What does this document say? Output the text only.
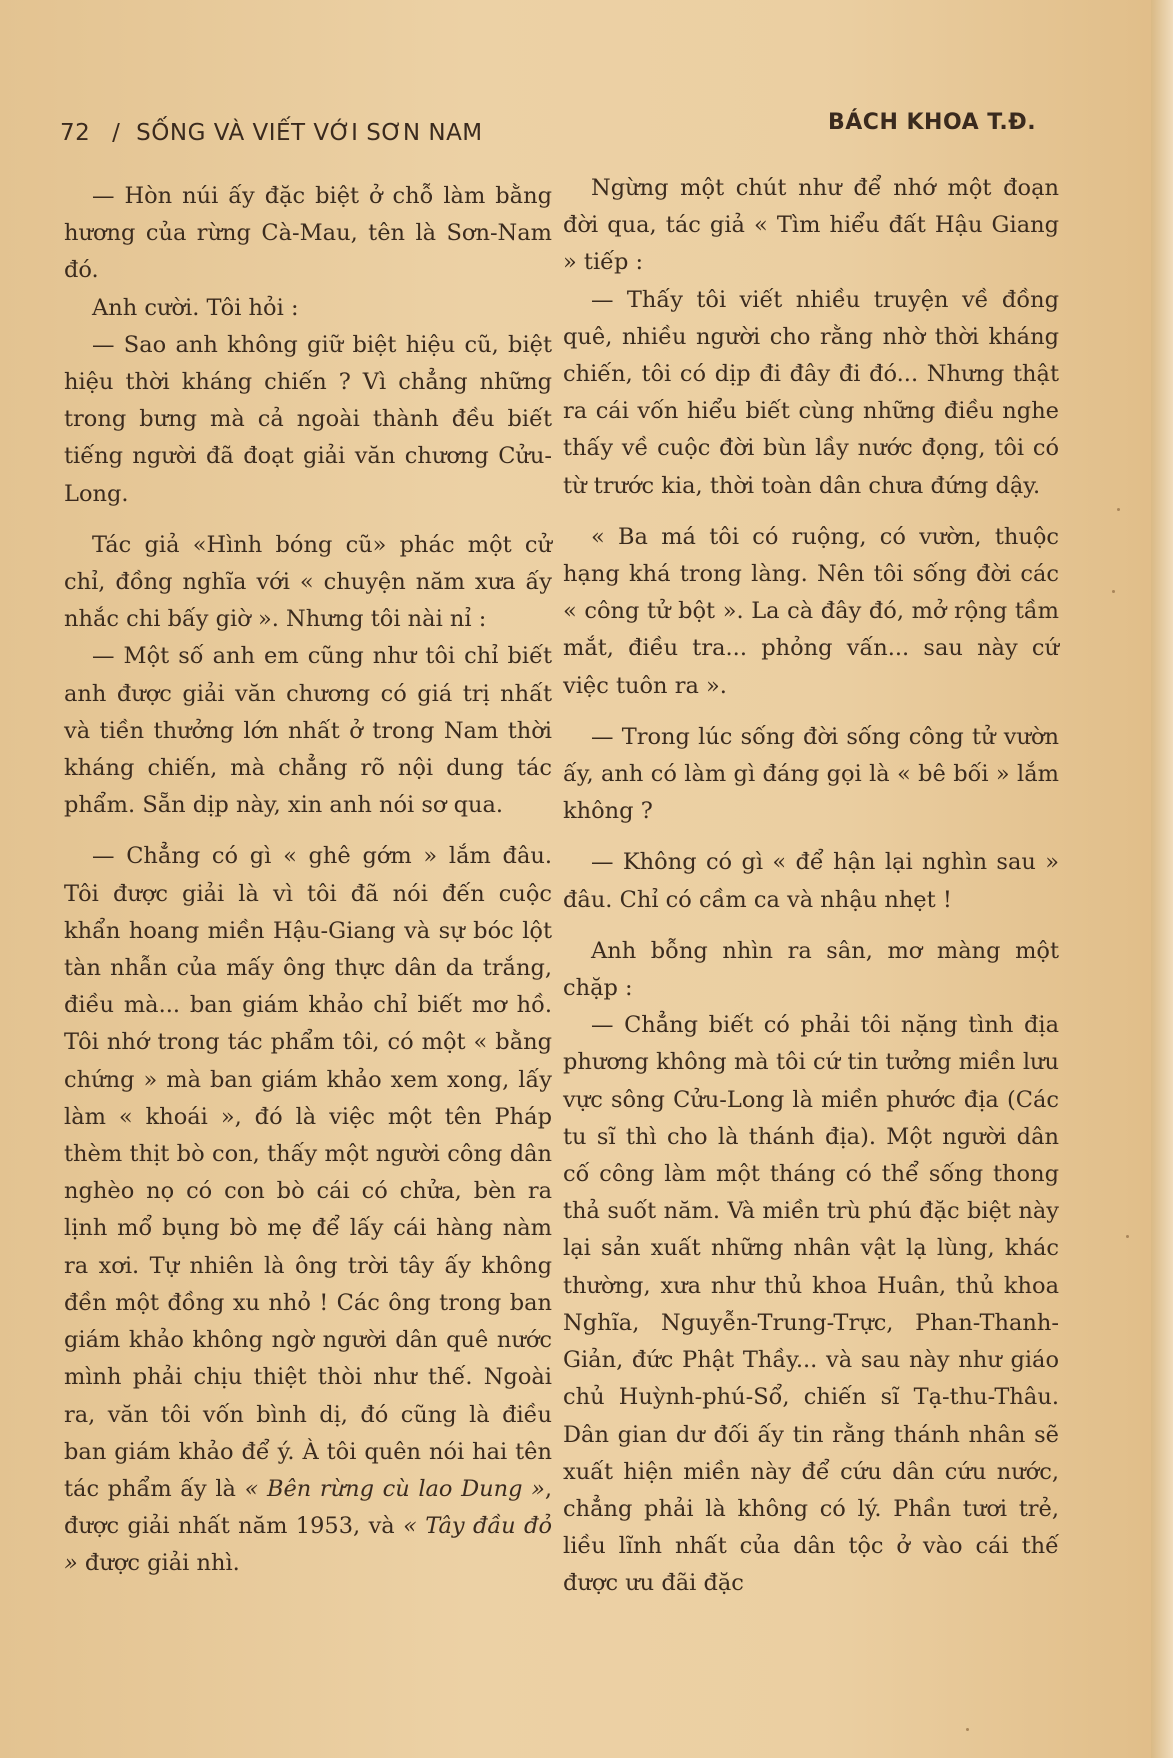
72 / SỐNG VÀ VIẾT VỚI SƠN NAM	BÁCH KHOA T.Đ.

— Hòn núi ấy đặc biệt ở chỗ làm bằng hương của rừng Cà-Mau, tên là Sơn-Nam đó.

Anh cười. Tôi hỏi :

— Sao anh không giữ biệt hiệu cũ, biệt hiệu thời kháng chiến ? Vì chẳng những trong bưng mà cả ngoài thành đều biết tiếng người đã đoạt giải văn chương Cửu-Long.

Tác giả «Hình bóng cũ» phác một cử chỉ, đồng nghĩa với « chuyện năm xưa ấy nhắc chi bấy giờ ». Nhưng tôi nài nỉ :

— Một số anh em cũng như tôi chỉ biết anh được giải văn chương có giá trị nhất và tiền thưởng lớn nhất ở trong Nam thời kháng chiến, mà chẳng rõ nội dung tác phẩm. Sẵn dịp này, xin anh nói sơ qua.

— Chẳng có gì « ghê gớm » lắm đâu. Tôi được giải là vì tôi đã nói đến cuộc khẩn hoang miền Hậu-Giang và sự bóc lột tàn nhẫn của mấy ông thực dân da trắng, điều mà... ban giám khảo chỉ biết mơ hồ. Tôi nhớ trong tác phẩm tôi, có một « bằng chứng » mà ban giám khảo xem xong, lấy làm « khoái », đó là việc một tên Pháp thèm thịt bò con, thấy một người công dân nghèo nọ có con bò cái có chửa, bèn ra lịnh mổ bụng bò mẹ để lấy cái hàng nàm ra xơi. Tự nhiên là ông trời tây ấy không đền một đồng xu nhỏ ! Các ông trong ban giám khảo không ngờ người dân quê nước mình phải chịu thiệt thòi như thế. Ngoài ra, văn tôi vốn bình dị, đó cũng là điều ban giám khảo để ý. À tôi quên nói hai tên tác phẩm ấy là « Bên rừng cù lao Dung », được giải nhất năm 1953, và « Tây đầu đỏ » được giải nhì.

Ngừng một chút như để nhớ một đoạn đời qua, tác giả « Tìm hiểu đất Hậu Giang » tiếp :

— Thấy tôi viết nhiều truyện về đồng quê, nhiều người cho rằng nhờ thời kháng chiến, tôi có dịp đi đây đi đó... Nhưng thật ra cái vốn hiểu biết cùng những điều nghe thấy về cuộc đời bùn lầy nước đọng, tôi có từ trước kia, thời toàn dân chưa đứng dậy.

« Ba má tôi có ruộng, có vườn, thuộc hạng khá trong làng. Nên tôi sống đời các « công tử bột ». La cà đây đó, mở rộng tầm mắt, điều tra... phỏng vấn... sau này cứ việc tuôn ra ».

— Trong lúc sống đời sống công tử vườn ấy, anh có làm gì đáng gọi là « bê bối » lắm không ?

— Không có gì « để hận lại nghìn sau » đâu. Chỉ có cầm ca và nhậu nhẹt !

Anh bỗng nhìn ra sân, mơ màng một chặp :

— Chẳng biết có phải tôi nặng tình địa phương không mà tôi cứ tin tưởng miền lưu vực sông Cửu-Long là miền phước địa (Các tu sĩ thì cho là thánh địa). Một người dân cố công làm một tháng có thể sống thong thả suốt năm. Và miền trù phú đặc biệt này lại sản xuất những nhân vật lạ lùng, khác thường, xưa như thủ khoa Huân, thủ khoa Nghĩa, Nguyễn-Trung-Trực, Phan-Thanh-Giản, đức Phật Thầy... và sau này như giáo chủ Huỳnh-phú-Sổ, chiến sĩ Tạ-thu-Thâu. Dân gian dư đối ấy tin rằng thánh nhân sẽ xuất hiện miền này để cứu dân cứu nước, chẳng phải là không có lý. Phần tươi trẻ, liều lĩnh nhất của dân tộc ở vào cái thế được ưu đãi đặc
